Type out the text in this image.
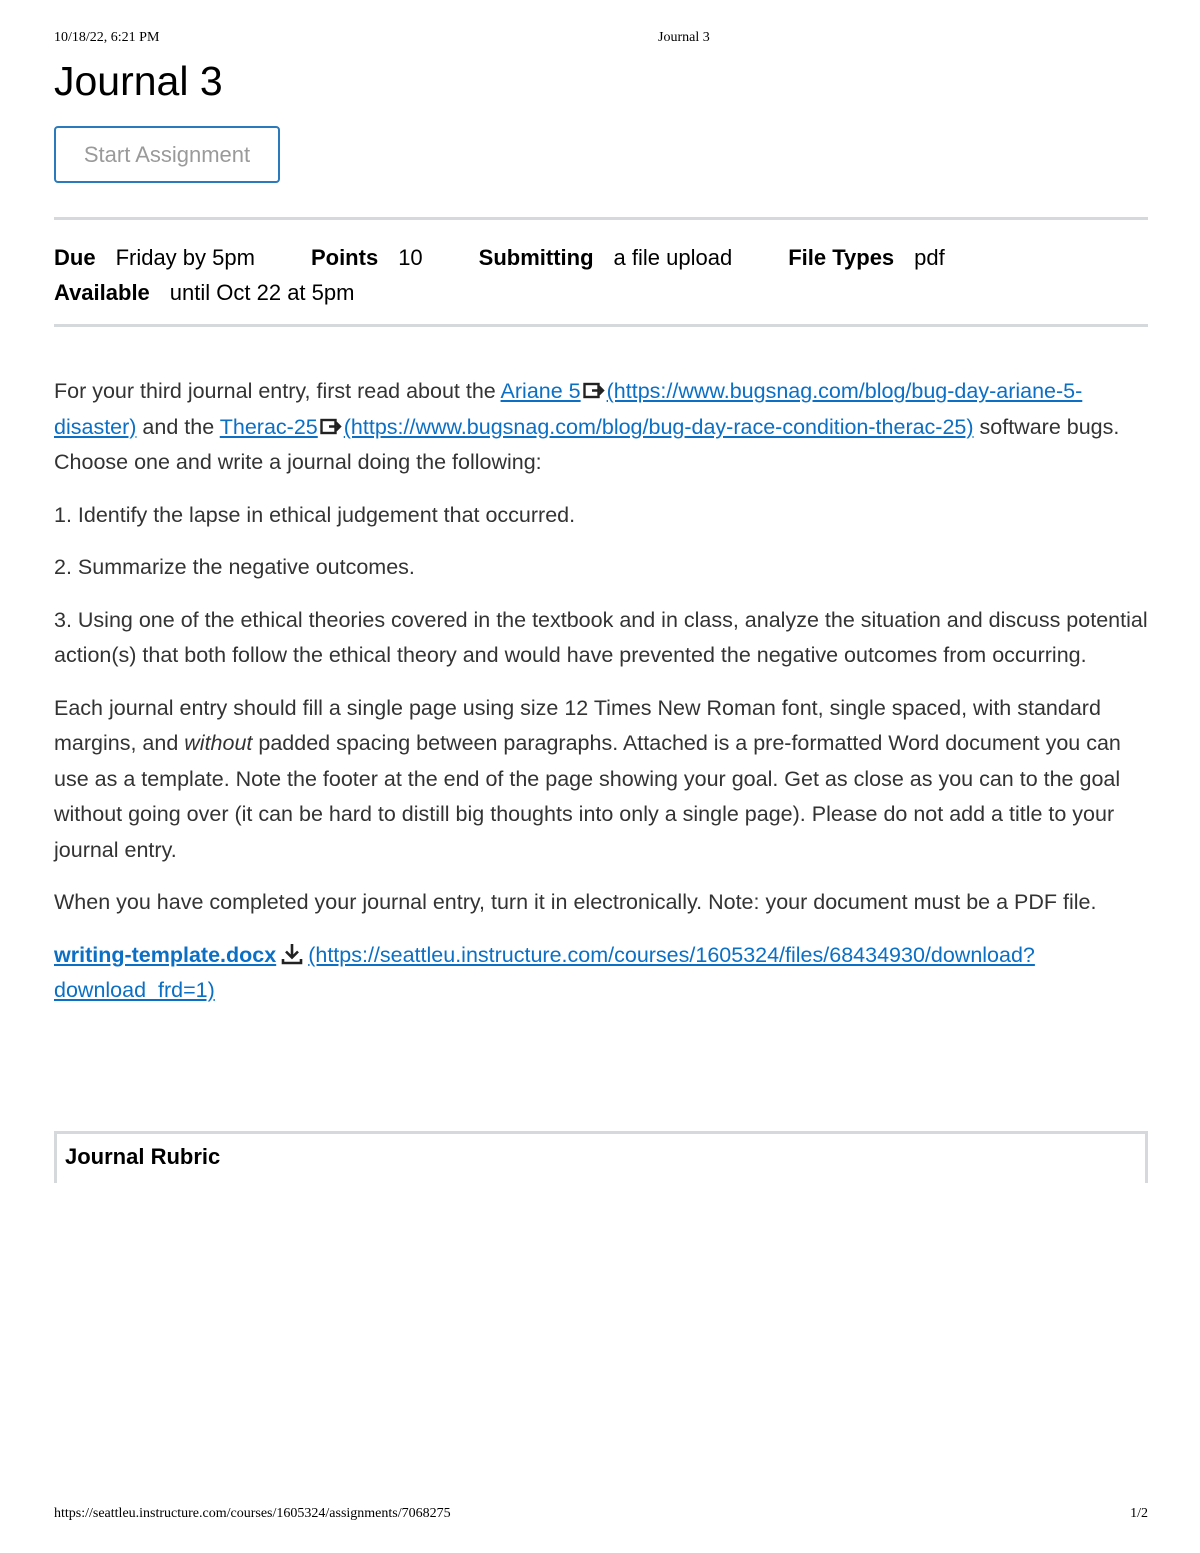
10/18/22, 6:21 PM	Journal 3
Journal 3
Start Assignment
Due Friday by 5pm	Points 10	Submitting a file upload	File Types pdf
Available until Oct 22 at 5pm

For your third journal entry, first read about the Ariane 5 (https://www.bugsnag.com/blog/bug-day-ariane-5-disaster) and the Therac-25 (https://www.bugsnag.com/blog/bug-day-race-condition-therac-25) software bugs. Choose one and write a journal doing the following:

1. Identify the lapse in ethical judgement that occurred.

2. Summarize the negative outcomes.

3. Using one of the ethical theories covered in the textbook and in class, analyze the situation and discuss potential action(s) that both follow the ethical theory and would have prevented the negative outcomes from occurring.

Each journal entry should fill a single page using size 12 Times New Roman font, single spaced, with standard margins, and without padded spacing between paragraphs. Attached is a pre-formatted Word document you can use as a template. Note the footer at the end of the page showing your goal. Get as close as you can to the goal without going over (it can be hard to distill big thoughts into only a single page). Please do not add a title to your journal entry.

When you have completed your journal entry, turn it in electronically. Note: your document must be a PDF file.

writing-template.docx (https://seattleu.instructure.com/courses/1605324/files/68434930/download?download_frd=1)

Journal Rubric
https://seattleu.instructure.com/courses/1605324/assignments/7068275	1/2
